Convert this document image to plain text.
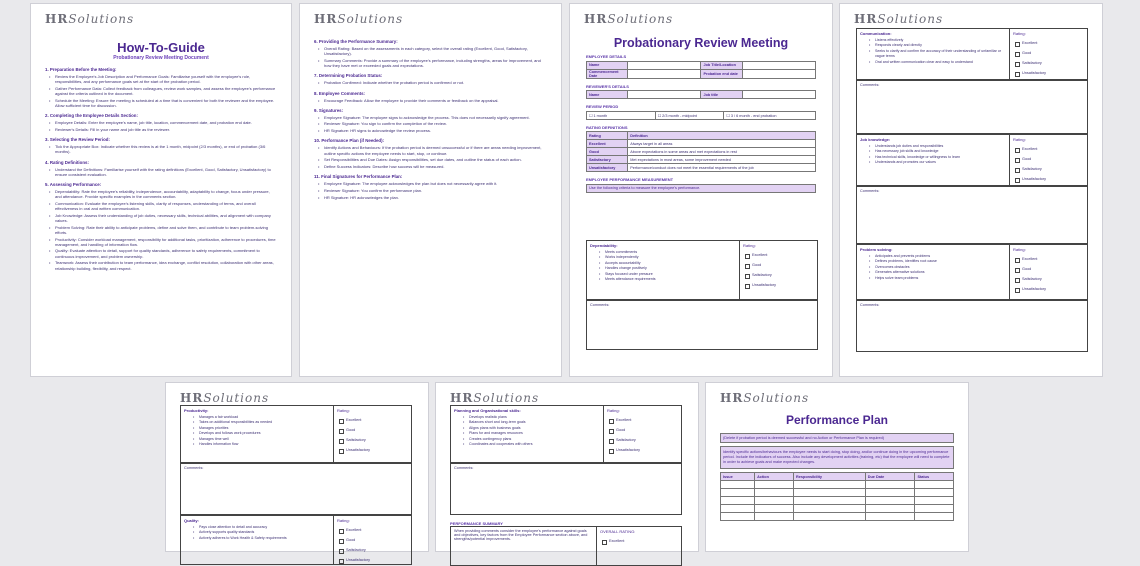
HRSolutions
How-To-Guide
Probationary Review Meeting Document
1. Preparation Before the Meeting:
• Review the Employee's Job Description and Performance Goals: Familiarise yourself with the employee's role, responsibilities, and any performance goals set at the start of the probation period.
• Gather Performance Data: Collect feedback from colleagues, review work samples, and assess the employee's performance against the criteria outlined in the document.
• Schedule the Meeting: Ensure the meeting is scheduled at a time that is convenient for both the reviewer and the employee. Allow sufficient time for discussion.
2. Completing the Employee Details Section:
• Employee Details: Enter the employee's name, job title, location, commencement date, and probation end date.
• Reviewer's Details: Fill in your name and job title as the reviewer.
3. Selecting the Review Period:
• Tick the Appropriate Box: Indicate whether this review is at the 1 month, midpoint (2/3 months), or end of probation (3/6 months).
4. Rating Definitions:
• Understand the Definitions: Familiarise yourself with the rating definitions (Excellent, Good, Satisfactory, Unsatisfactory) to ensure consistent evaluation.
5. Assessing Performance:
• Dependability: Rate the employee's reliability, independence, accountability, adaptability to change, focus under pressure, and attendance. Provide specific examples in the comments section.
• Communication: Evaluate the employee's listening skills, clarity of responses, understanding of terms, and overall effectiveness in oral and written communication.
• Job Knowledge: Assess their understanding of job duties, necessary skills, technical abilities, and alignment with company values.
• Problem Solving: Rate their ability to anticipate problems, define and solve them, and contribute to team problem-solving efforts.
• Productivity: Consider workload management, responsibility for additional tasks, prioritization, adherence to procedures, time management, and handling of information flow.
• Quality: Evaluate attention to detail, support for quality standards, adherence to safety requirements, commitment to continuous improvement, and problem ownership.
• Teamwork: Assess their contribution to team performance, idea exchange, conflict resolution, collaboration with other areas, relationship building, flexibility, and respect.
HRSolutions
6. Providing the Performance Summary:
• Overall Rating: Based on the assessments in each category, select the overall rating (Excellent, Good, Satisfactory, Unsatisfactory).
• Summary Comments: Provide a summary of the employee's performance, including strengths, areas for improvement, and how they have met or exceeded goals and expectations.
7. Determining Probation Status:
• Probation Confirmed: Indicate whether the probation period is confirmed or not.
8. Employee Comments:
• Encourage Feedback: Allow the employee to provide their comments or feedback on the appraisal.
9. Signatures:
• Employee Signature: The employee signs to acknowledge the process. This does not necessarily signify agreement.
• Reviewer Signature: You sign to confirm the completion of the review.
• HR Signature: HR signs to acknowledge the review process.
10. Performance Plan (if Needed):
• Identify Actions and Behaviours: If the probation period is deemed unsuccessful or if there are areas needing improvement, outline specific actions the employee needs to start, stop, or continue.
• Set Responsibilities and Due Dates: Assign responsibilities, set due dates, and outline the status of each action.
• Define Success Indicators: Describe how success will be measured.
11. Final Signatures for Performance Plan:
• Employee Signature: The employee acknowledges the plan but does not necessarily agree with it.
• Reviewer Signature: You confirm the performance plan.
• HR Signature: HR acknowledges the plan.
HRSolutions
Probationary Review Meeting
EMPLOYEE DETAILS
Name		Job Title/Location	
Commencement Date		Probation end date	
REVIEWER'S DETAILS
Name		Job title	
REVIEW PERIOD
☐ 1 month	☐ 2/3 month - midpoint	☐ 3 / 6 month - end probation
RATING DEFINITIONS
Rating	Definition
Excellent	Always target in all areas
Good	Above expectations in some areas and met expectations in rest
Satisfactory	Met expectations in most areas, some improvement needed
Unsatisfactory	Performance/conduct does not meet the essential requirements of the job
EMPLOYEE PERFORMANCE MEASUREMENT
Use the following criteria to measure the employee's performance.
Dependability:
• Meets commitments
• Works independently
• Accepts accountability
• Handles change positively
• Stays focused under pressure
• Meets attendance requirements
Rating:
Excellent
Good
Satisfactory
Unsatisfactory
Comments:
HRSolutions
Communication:
• Listens effectively
• Responds clearly and directly
• Seeks to clarify and confirm the accuracy of their understanding of unfamiliar or vague terms
• Oral and written communication clear and easy to understand
Rating:
Excellent
Good
Satisfactory
Unsatisfactory
Comments:
Job knowledge:
• Understands job duties and responsibilities
• Has necessary job skills and knowledge
• Has technical skills, knowledge or willingness to learn
• Understands and promotes our values
Rating:
Excellent
Good
Satisfactory
Unsatisfactory
Comments:
Problem solving:
• Anticipates and prevents problems
• Defines problems, identifies root cause
• Overcomes obstacles
• Generates alternative solutions
• Helps solve team problems
Rating:
Excellent
Good
Satisfactory
Unsatisfactory
Comments:
HRSolutions
Productivity:
• Manages a fair workload
• Takes on additional responsibilities as needed
• Manages priorities
• Develops and follows work procedures
• Manages time well
• Handles information flow
Rating:
Excellent
Good
Satisfactory
Unsatisfactory
Comments:
Quality:
• Pays close attention to detail and accuracy
• Actively supports quality standards
• Actively adheres to Work Health & Safety requirements
Rating:
Excellent
Good
Satisfactory
Unsatisfactory
HRSolutions
Planning and Organisational skills:
• Develops realistic plans
• Balances short and long-term goals
• Aligns plans with business goals
• Plans for and manages resources
• Creates contingency plans
• Coordinates and cooperates with others
Rating:
Excellent
Good
Satisfactory
Unsatisfactory
Comments:
PERFORMANCE SUMMARY
When providing comments consider the employee's performance against goals and objectives, key factors from the Employee Performance section above, and strengths/potential improvements.
OVERALL RATING:
Excellent
HRSolutions
Performance Plan
(Delete if probation period is deemed successful and no Action or Performance Plan is required)
Identify specific actions/behaviours the employee needs to start doing, stop doing, and/or continue doing in the upcoming performance period. Include the indicators of success. Also include any development activities (training, etc) that the employee will need to complete in order to achieve goals and make expected changes.
Issue	Action	Responsibility	Due Date	Status
